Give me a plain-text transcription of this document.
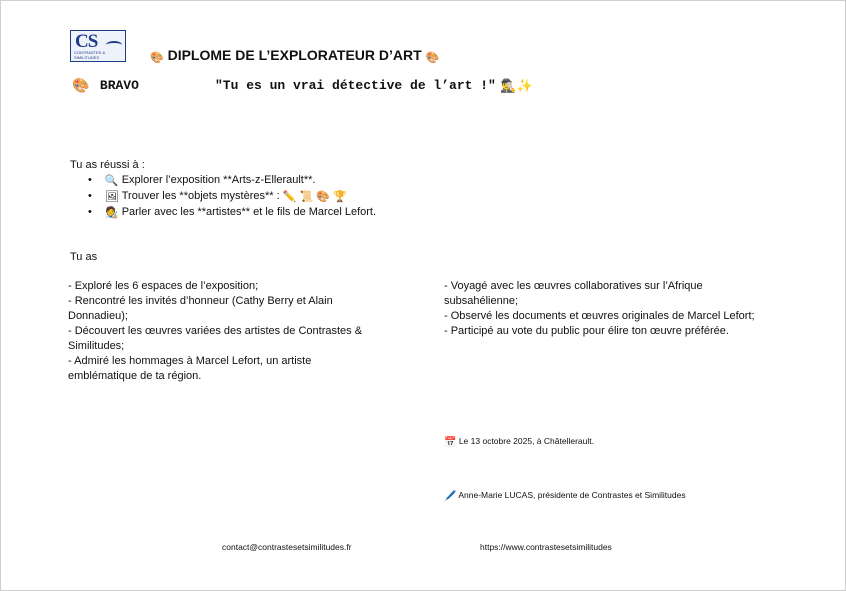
CS
CONTRASTES & SIMILITUDES	🎨 DIPLOME DE L’EXPLORATEUR D’ART 🎨
🎨 BRAVO	"Tu es un vrai détective de l’art !" 🕵️‍♂️✨
Tu as réussi à :
• 🔍 Explorer l’exposition **Arts-z-Ellerault**.
• 🖼 Trouver les **objets mystères** : ✏️ 📜 🎨 🏆
• 🧑‍🎨 Parler avec les **artistes** et le fils de Marcel Lefort.
Tu as
- Exploré les 6 espaces de l’exposition;
- Rencontré les invités d’honneur (Cathy Berry et Alain
Donnadieu);
- Découvert les œuvres variées des artistes de Contrastes &
Similitudes;
- Admiré les hommages à Marcel Lefort, un artiste
emblématique de ta région.
- Voyagé avec les œuvres collaboratives sur l’Afrique
subsahélienne;
- Observé les documents et œuvres originales de Marcel Lefort;
- Participé au vote du public pour élire ton œuvre préférée.
📅 Le 13 octobre 2025, à Châtellerault.
🖊️ Anne-Marie LUCAS, présidente de Contrastes et Similitudes
contact@contrastesetsimilitudes.fr	https://www.contrastesetsimilitudes
